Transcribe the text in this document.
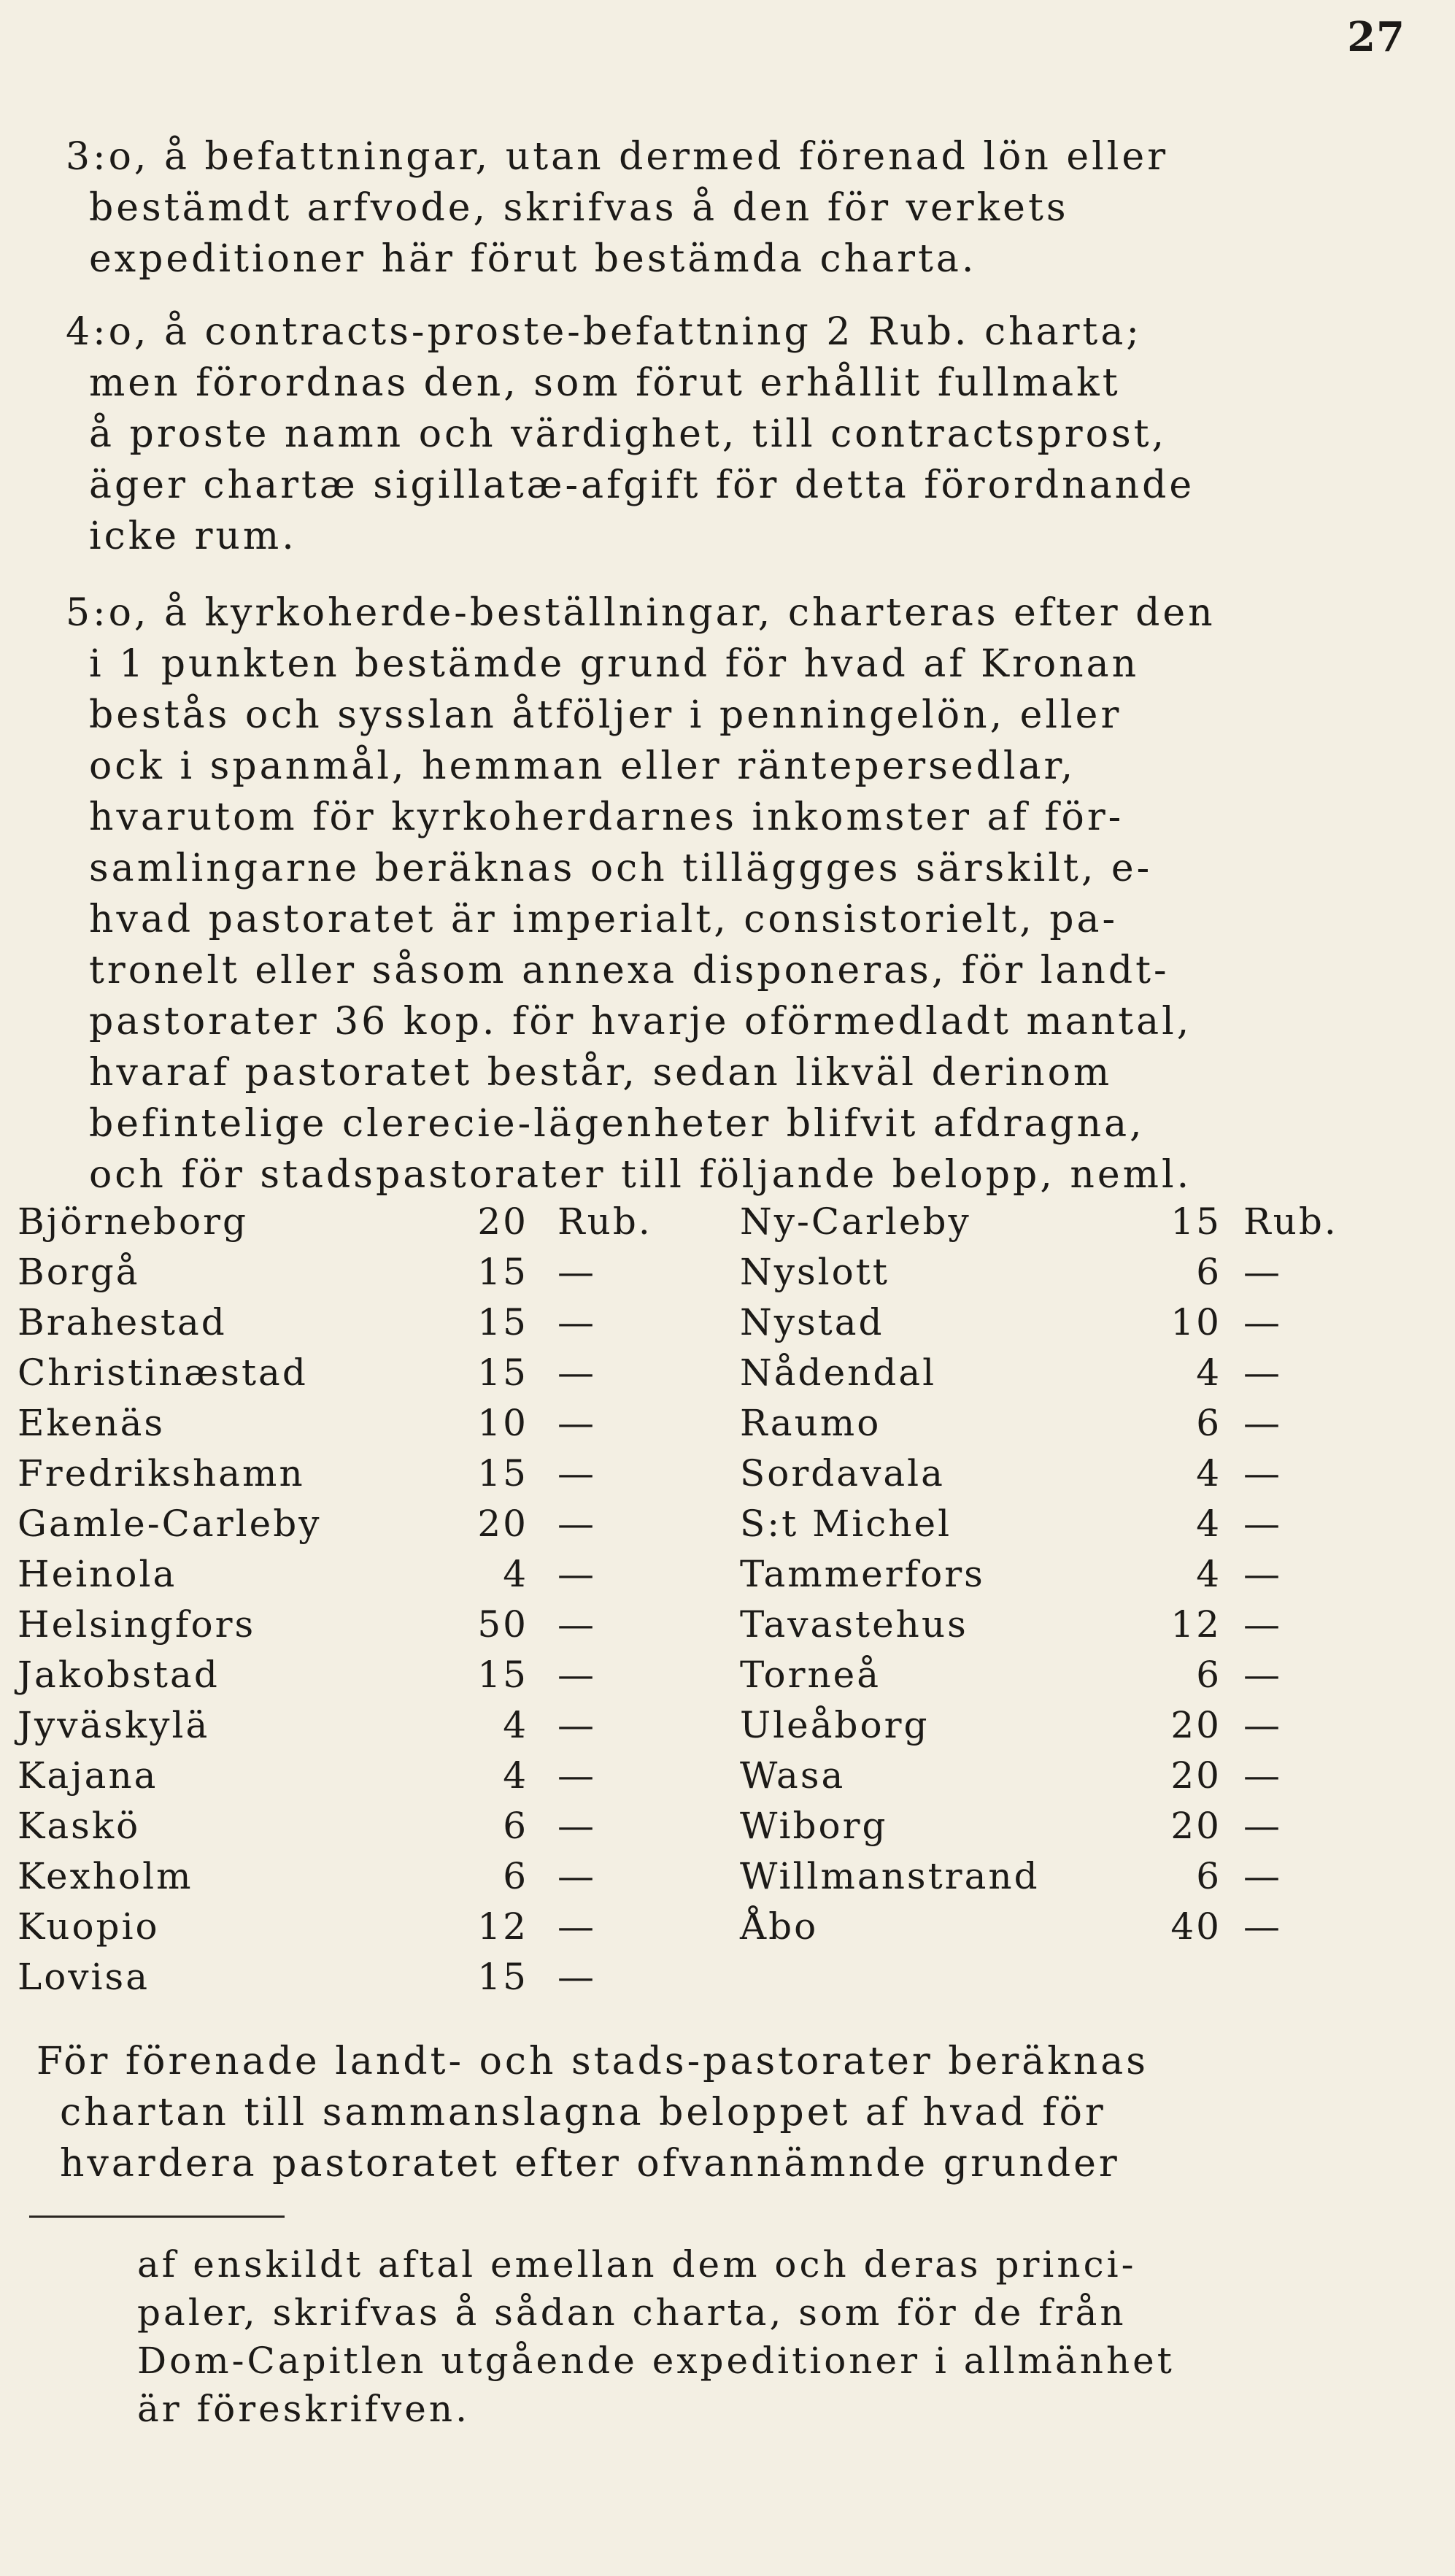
27
3:o, å befattningar, utan dermed förenad lön eller
bestämdt arfvode, skrifvas å den för verkets
expeditioner här förut bestämda charta.
4:o, å contracts-proste-befattning 2 Rub. charta;
men förordnas den, som förut erhållit fullmakt
å proste namn och värdighet, till contractsprost,
äger chartæ sigillatæ-afgift för detta förordnande
icke rum.
5:o, å kyrkoherde-beställningar, charteras efter den
i 1 punkten bestämde grund för hvad af Kronan
bestås och sysslan åtföljer i penningelön, eller
ock i spanmål, hemman eller räntepersedlar,
hvarutom för kyrkoherdarnes inkomster af för-
samlingarne beräknas och tilläggges särskilt, e-
hvad pastoratet är imperialt, consistorielt, pa-
tronelt eller såsom annexa disponeras, för landt-
pastorater 36 kop. för hvarje oförmedladt mantal,
hvaraf pastoratet består, sedan likväl derinom
befintelige clerecie-lägenheter blifvit afdragna,
och för stadspastorater till följande belopp, neml.
Björneborg	20 Rub. Ny-Carleby	15 Rub.
Borgå	15 —	Nyslott	6 —
Brahestad	15 —	Nystad	10 —
Christinæstad	15 —	Nådendal	4 —
Ekenäs	10 —	Raumo	6 —
Fredrikshamn	15 —	Sordavala	4 —
Gamle-Carleby	20 —	S:t Michel	4 —
Heinola	4 —	Tammerfors	4 —
Helsingfors	50 —	Tavastehus	12 —
Jakobstad	15 —	Torneå	6 —
Jyväskylä	4 —	Uleåborg	20 —
Kajana	4 —	Wasa	20 —
Kaskö	6 —	Wiborg	20 —
Kexholm	6 —	Willmanstrand	6 —
Kuopio	12 —	Åbo	40 —
Lovisa	15 —
För förenade landt- och stads-pastorater beräknas
chartan till sammanslagna beloppet af hvad för
hvardera pastoratet efter ofvannämnde grunder
af enskildt aftal emellan dem och deras princi-
paler, skrifvas å sådan charta, som för de från
Dom-Capitlen utgående expeditioner i allmänhet
är föreskrifven.
